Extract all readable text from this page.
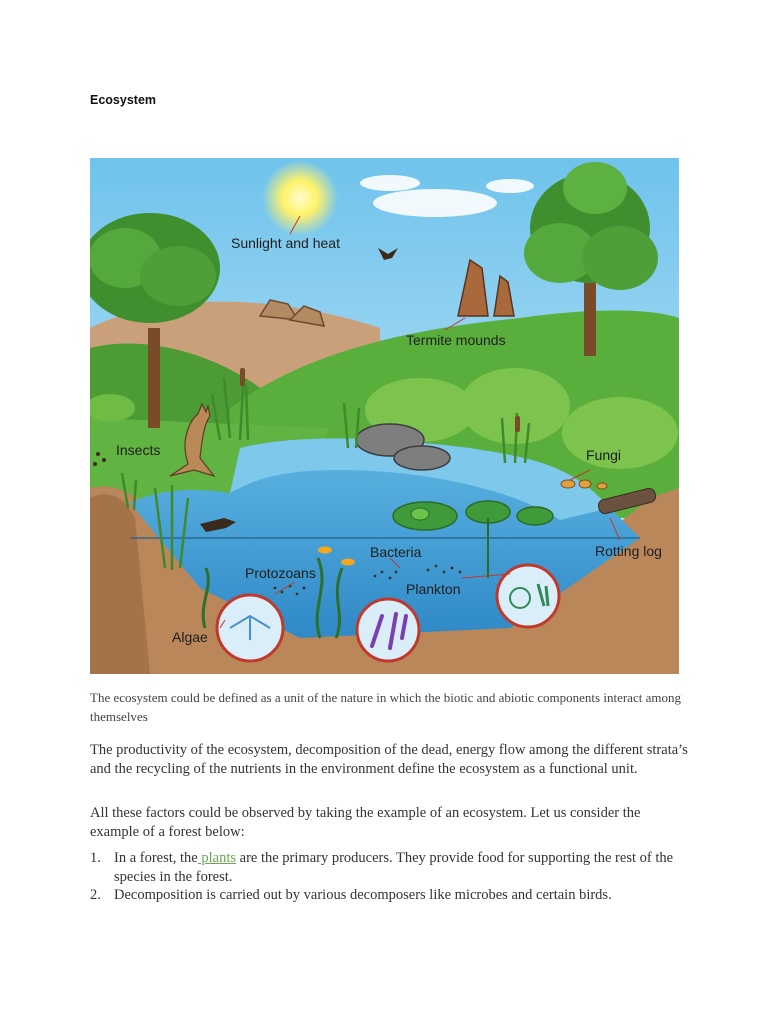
Ecosystem
Sunlight and heat
Termite mounds
Insects	Fungi
Rotting log
Bacteria
Protozoans
Plankton
Algae
The ecosystem could be defined as a unit of the nature in which the biotic and abiotic components interact among themselves
The productivity of the ecosystem, decomposition of the dead, energy flow among the different strata’s and the recycling of the nutrients in the environment define the ecosystem as a functional unit.
All these factors could be observed by taking the example of an ecosystem. Let us consider the example of a forest below:
1. In a forest, the plants are the primary producers. They provide food for supporting the rest of the species in the forest.
2. Decomposition is carried out by various decomposers like microbes and certain birds.
